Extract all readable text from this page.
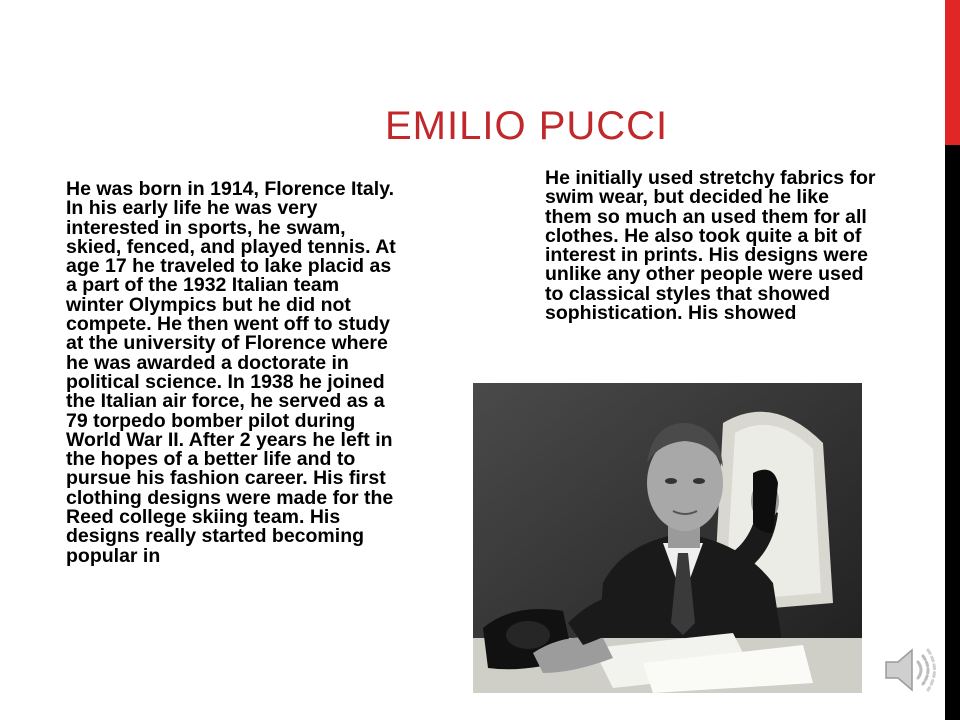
EMILIO PUCCI

He was born in 1914, Florence Italy. In his early life he was very interested in sports, he swam, skied, fenced, and played tennis. At age 17 he traveled to lake placid as a part of the 1932 Italian team winter Olympics but he did not compete. He then went off to study at the university of Florence where he was awarded a doctorate in political science. In 1938 he joined the Italian air force, he served as a 79 torpedo bomber pilot during World War II. After 2 years he left in the hopes of a better life and to pursue his fashion career. His first clothing designs were made for the Reed college skiing team. His designs really started becoming popular in

He initially used stretchy fabrics for swim wear, but decided he like them so much an used them for all clothes. He also took quite a bit of interest in prints. His designs were unlike any other people were used to classical styles that showed sophistication. His showed
